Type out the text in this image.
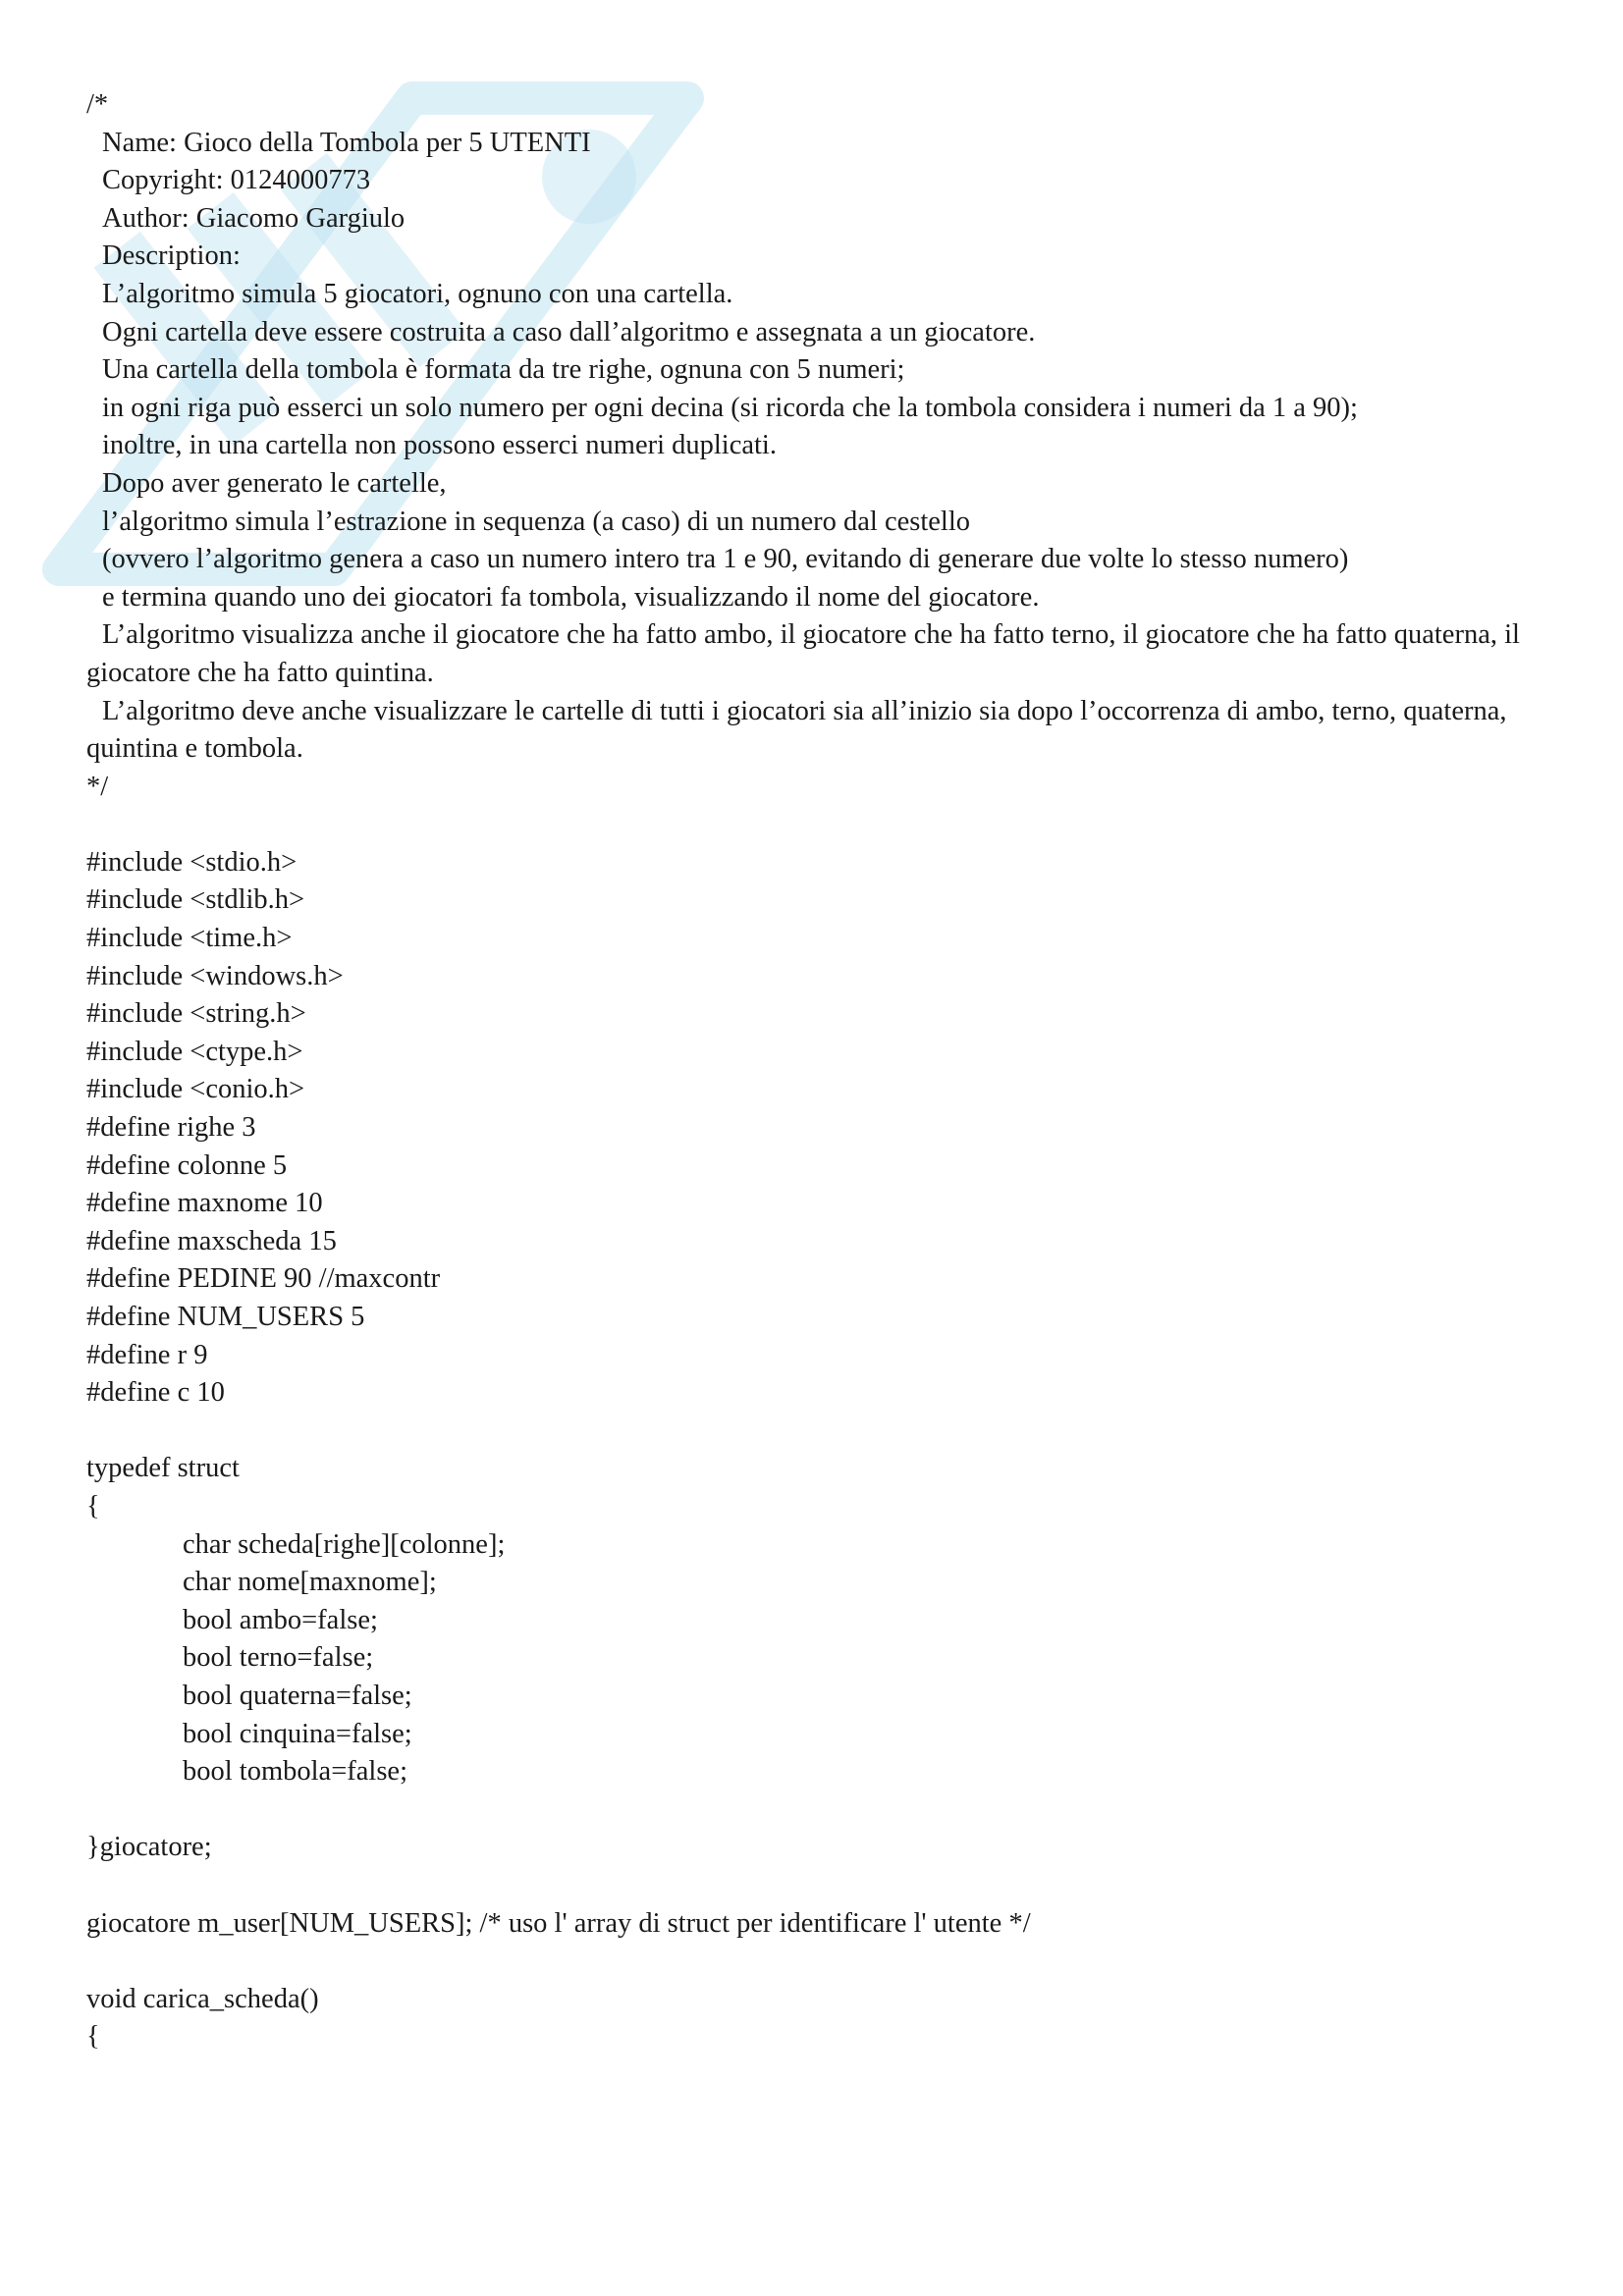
/*

Name: Gioco della Tombola per 5 UTENTI

Copyright: 0124000773

Author: Giacomo Gargiulo

Description:

L’algoritmo simula 5 giocatori, ognuno con una cartella.

Ogni cartella deve essere costruita a caso dall’algoritmo e assegnata a un giocatore.

Una cartella della tombola è formata da tre righe, ognuna con 5 numeri;

in ogni riga può esserci un solo numero per ogni decina (si ricorda che la tombola considera i numeri da 1 a 90);

inoltre, in una cartella non possono esserci numeri duplicati.

Dopo aver generato le cartelle,

l’algoritmo simula l’estrazione in sequenza (a caso) di un numero dal cestello

(ovvero l’algoritmo genera a caso un numero intero tra 1 e 90, evitando di generare due volte lo stesso numero)

e termina quando uno dei giocatori fa tombola, visualizzando il nome del giocatore.

L’algoritmo visualizza anche il giocatore che ha fatto ambo, il giocatore che ha fatto terno, il giocatore che ha fatto quaterna, il giocatore che ha fatto quintina.

L’algoritmo deve anche visualizzare le cartelle di tutti i giocatori sia all’inizio sia dopo l’occorrenza di ambo, terno, quaterna, quintina e tombola.

*/

#include <stdio.h>

#include <stdlib.h>

#include <time.h>

#include <windows.h>

#include <string.h>

#include <ctype.h>

#include <conio.h>

#define righe 3

#define colonne 5

#define maxnome 10

#define maxscheda 15

#define PEDINE 90 //maxcontr

#define NUM_USERS 5

#define r 9

#define c 10

typedef struct

{

char scheda[righe][colonne];

char nome[maxnome];

bool ambo=false;

bool terno=false;

bool quaterna=false;

bool cinquina=false;

bool tombola=false;

}giocatore;

giocatore m_user[NUM_USERS]; /* uso l' array di struct per identificare l' utente */

void carica_scheda()

{
